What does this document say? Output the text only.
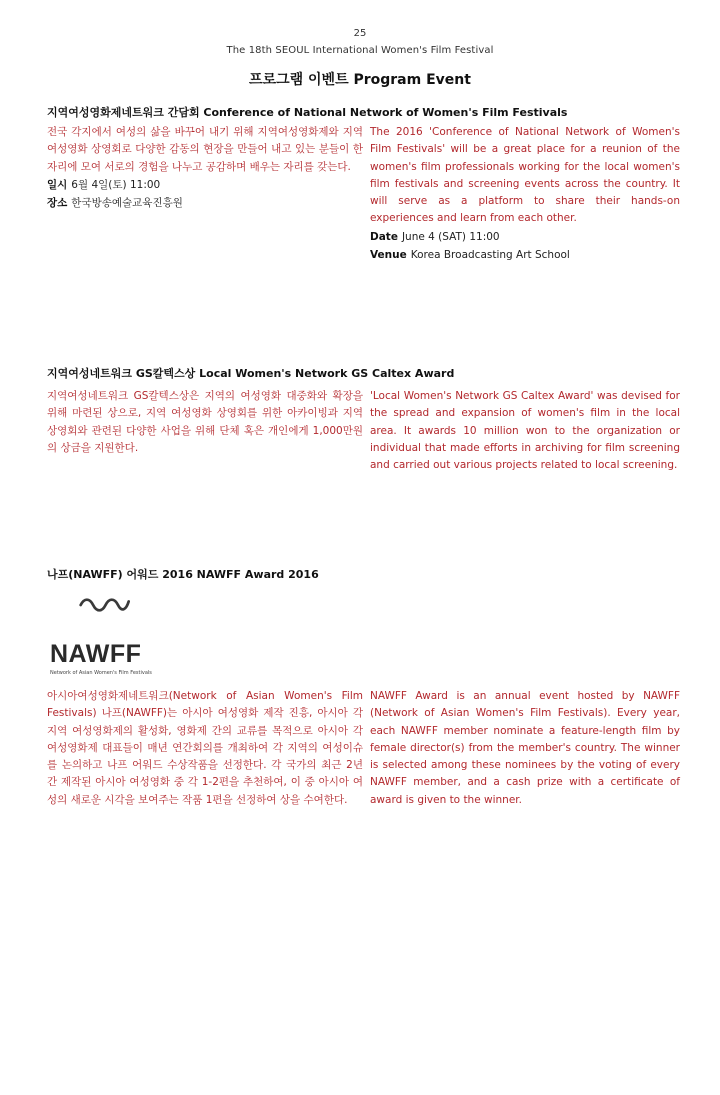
25
The 18th SEOUL International Women's Film Festival
프로그램 이벤트 Program Event
지역여성영화제네트워크 간담회 Conference of National Network of Women's Film Festivals

전국 각지에서 여성의 삶을 바꾸어 내기 위해 지역여성영화제와 지역 여성영화 상영회로 다양한 감동의 현장을 만들어 내고 있는 분들이 한자리에 모여 서로의 경험을 나누고 공감하며 배우는 자리를 갖는다.

일시 6월 4일(토) 11:00

장소 한국방송예술교육진흥원

The 2016 'Conference of National Network of Women's Film Festivals' will be a great place for a reunion of the women's film professionals working for the local women's film festivals and screening events across the country. It will serve as a platform to share their hands-on experiences and learn from each other.

Date June 4 (SAT) 11:00

Venue Korea Broadcasting Art School

지역여성네트워크 GS칼텍스상 Local Women's Network GS Caltex Award

지역여성네트워크 GS칼텍스상은 지역의 여성영화 대중화와 확장을 위해 마련된 상으로, 지역 여성영화 상영회를 위한 아카이빙과 지역 상영회와 관련된 다양한 사업을 위해 단체 혹은 개인에게 1,000만원의 상금을 지원한다.

'Local Women's Network GS Caltex Award' was devised for the spread and expansion of women's film in the local area. It awards 10 million won to the organization or individual that made efforts in archiving for film screening and carried out various projects related to local screening.

나프(NAWFF) 어워드 2016 NAWFF Award 2016
NAWFF
Network of Asian Women's Film Festivals

아시아여성영화제네트워크(Network of Asian Women's Film Festivals) 나프(NAWFF)는 아시아 여성영화 제작 진흥, 아시아 각 지역 여성영화제의 활성화, 영화제 간의 교류를 목적으로 아시아 각 여성영화제 대표들이 매년 연간회의를 개최하여 각 지역의 여성이슈를 논의하고 나프 어워드 수상작품을 선정한다. 각 국가의 최근 2년 간 제작된 아시아 여성영화 중 각 1-2편을 추천하여, 이 중 아시아 여성의 새로운 시각을 보여주는 작품 1편을 선정하여 상을 수여한다.

NAWFF Award is an annual event hosted by NAWFF (Network of Asian Women's Film Festivals). Every year, each NAWFF member nominate a feature-length film by female director(s) from the member's country. The winner is selected among these nominees by the voting of every NAWFF member, and a cash prize with a certificate of award is given to the winner.
